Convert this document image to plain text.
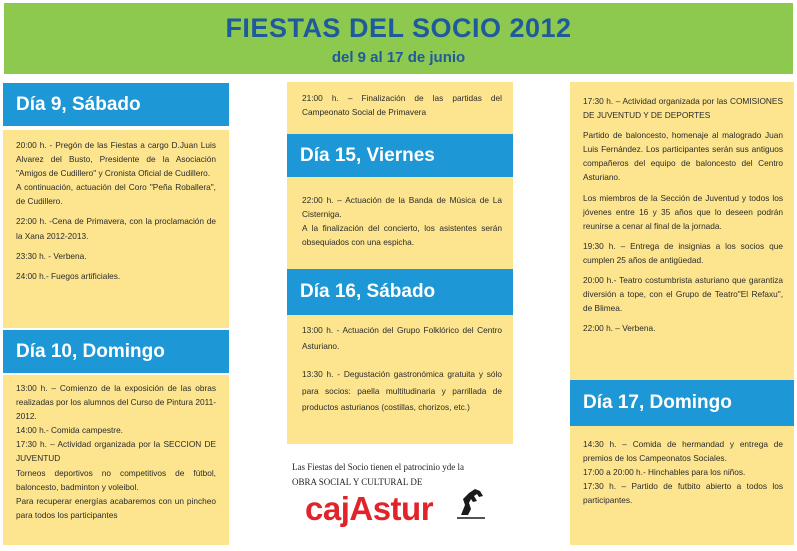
FIESTAS DEL SOCIO 2012
del 9 al 17 de junio
Día 9, Sábado

20:00 h. - Pregón de las Fiestas a cargo D.Juan Luis Alvarez del Busto, Presidente de la Asociación "Amigos de Cudillero" y Cronista Oficial de Cudillero.

A continuación, actuación del Coro "Peña Roballera", de Cudillero.

22:00 h. -Cena de Primavera, con la proclamación de la Xana 2012-2013.

23:30 h. - Verbena.

24:00 h.- Fuegos artificiales.

Día 10, Domingo

13:00 h. – Comienzo de la exposición de las obras realizadas por los alumnos del Curso de Pintura 2011-2012.

14:00 h.- Comida campestre.

17:30 h. – Actividad organizada por la SECCION DE JUVENTUD

Torneos deportivos no competitivos de fútbol, baloncesto, badminton y voleibol.

Para recuperar energías acabaremos con un pincheo para todos los participantes

21:00 h. – Finalización de las partidas del Campeonato Social de Primavera
Día 15, Viernes

22:00 h. – Actuación de la Banda de Música de La Cisterniga.

A la finalización del concierto, los asistentes serán obsequiados con una espicha.

Día 16, Sábado

13:00 h. - Actuación del Grupo Folklórico del Centro Asturiano.

13:30 h. - Degustación gastronómica gratuita y sólo para socios: paella multitudinaria y parrillada de productos asturianos (costillas, chorizos, etc.)

Las Fiestas del Socio tienen el patrocinio yde la
OBRA SOCIAL Y CULTURAL DE
cajAstur

17:30 h. – Actividad organizada por las COMISIONES DE JUVENTUD Y DE DEPORTES

Partido de baloncesto, homenaje al malogrado Juan Luis Fernández. Los participantes serán sus antiguos compañeros del equipo de baloncesto del Centro Asturiano.

Los miembros de la Sección de Juventud y todos los jóvenes entre 16 y 35 años que lo deseen podrán reunirse a cenar al final de la jornada.

19:30 h. – Entrega de insignias a los socios que cumplen 25 años de antigüedad.

20:00 h.- Teatro costumbrista asturiano que garantiza diversión a tope, con el Grupo de Teatro"El Refaxu", de Blimea.

22:00 h. – Verbena.

Día 17, Domingo

14:30 h. – Comida de hermandad y entrega de premios de los Campeonatos Sociales.

17:00 a 20:00 h.- Hinchables para los niños.

17:30 h. – Partido de futbito abierto a todos los participantes.
